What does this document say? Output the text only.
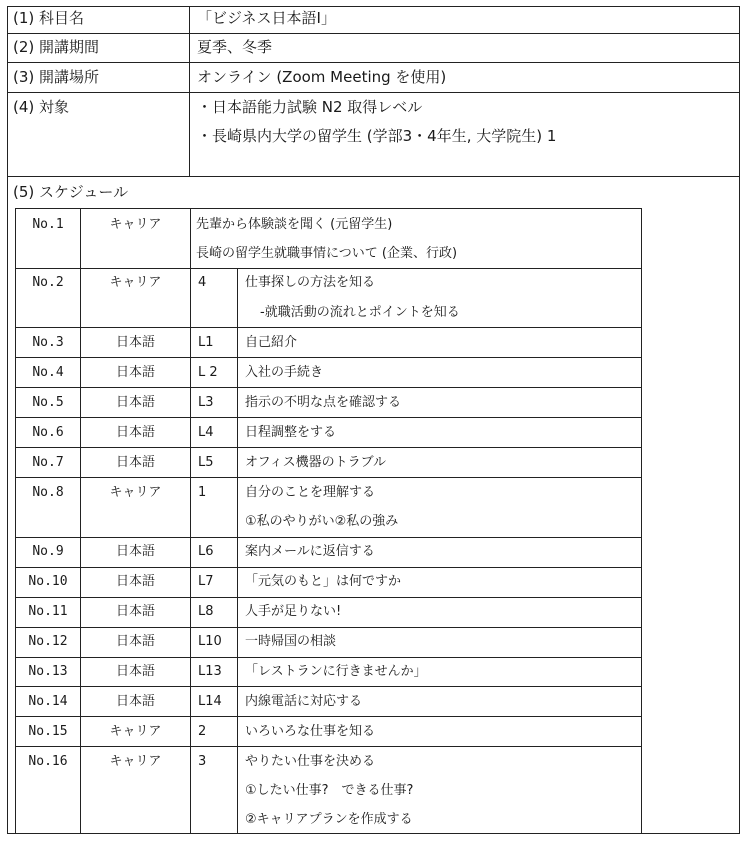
(1) 科目名	「ビジネス日本語Ⅰ」
(2) 開講期間	夏季、冬季
(3) 開講場所	オンライン (Zoom Meeting を使用)
(4) 対象	・日本語能力試験 N2 取得レベル
・長崎県内大学の留学生 (学部3・4年生, 大学院生) 1
(5) スケジュール
No.1	キャリア	先輩から体験談を聞く (元留学生)
長崎の留学生就職事情について (企業、行政)
No.2	キャリア	4	仕事探しの方法を知る
-就職活動の流れとポイントを知る
No.3	日本語	L1 自己紹介
No.4	日本語	L 2 入社の手続き
No.5	日本語	L3 指示の不明な点を確認する
No.6	日本語	L4 日程調整をする
No.7	日本語	L5 オフィス機器のトラブル
No.8	キャリア	1	自分のことを理解する
①私のやりがい②私の強み
No.9	日本語	L6 案内メールに返信する
No.10	日本語	L7 「元気のもと」は何ですか
No.11	日本語	L8 人手が足りない!
No.12	日本語	L10 一時帰国の相談
No.13	日本語	L13 「レストランに行きませんか」
No.14	日本語	L14 内線電話に対応する
No.15	キャリア	2	いろいろな仕事を知る
No.16	キャリア	3	やりたい仕事を決める
①したい仕事?　できる仕事?
②キャリアプランを作成する
